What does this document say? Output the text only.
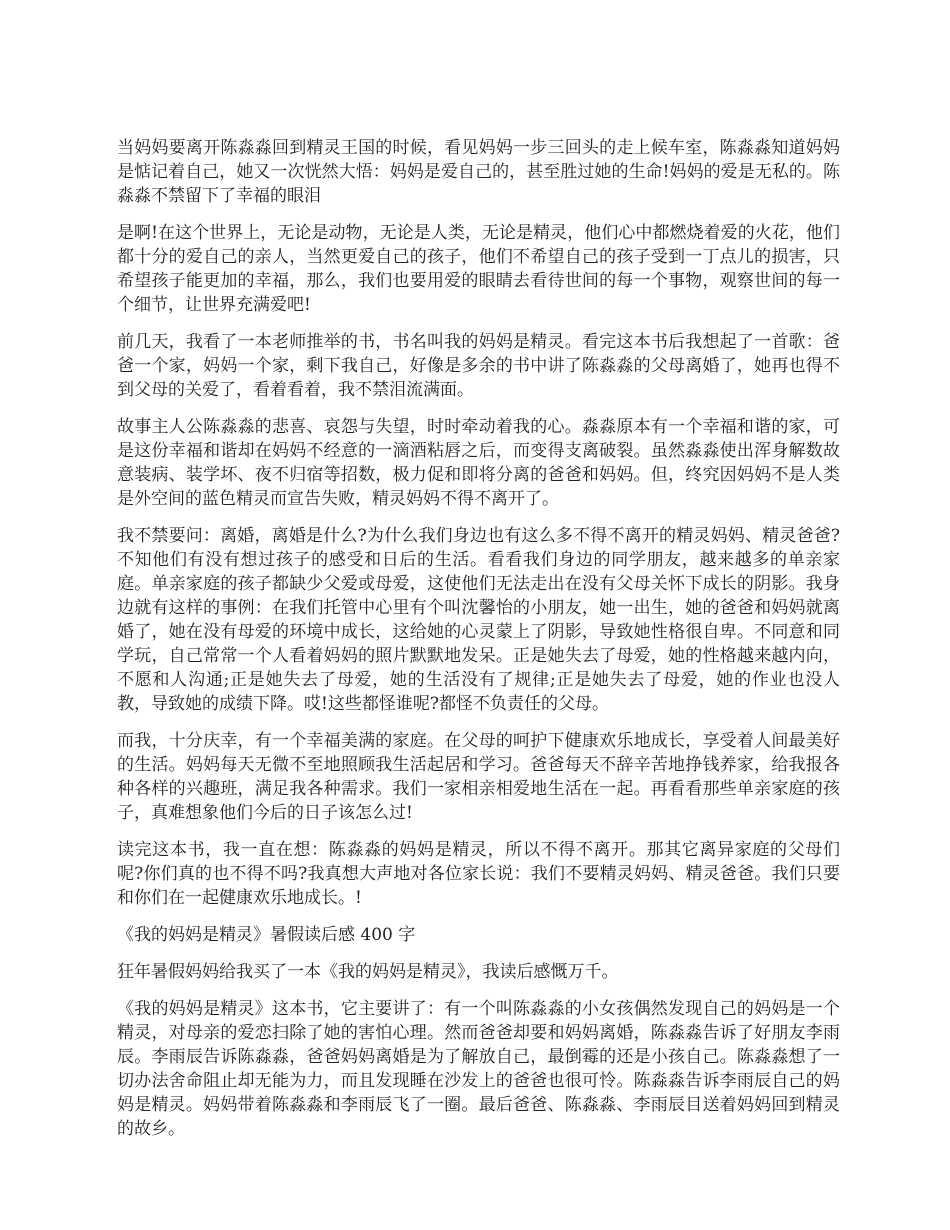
当妈妈要离开陈淼淼回到精灵王国的时候，看见妈妈一步三回头的走上候车室，陈淼淼知道妈妈是惦记着自己，她又一次恍然大悟：妈妈是爱自己的，甚至胜过她的生命!妈妈的爱是无私的。陈淼淼不禁留下了幸福的眼泪

是啊!在这个世界上，无论是动物，无论是人类，无论是精灵，他们心中都燃烧着爱的火花，他们都十分的爱自己的亲人，当然更爱自己的孩子，他们不希望自己的孩子受到一丁点儿的损害，只希望孩子能更加的幸福，那么，我们也要用爱的眼睛去看待世间的每一个事物，观察世间的每一个细节，让世界充满爱吧!

前几天，我看了一本老师推举的书，书名叫我的妈妈是精灵。看完这本书后我想起了一首歌：爸爸一个家，妈妈一个家，剩下我自己，好像是多余的书中讲了陈淼淼的父母离婚了，她再也得不到父母的关爱了，看着看着，我不禁泪流满面。

故事主人公陈淼淼的悲喜、哀怨与失望，时时牵动着我的心。淼淼原本有一个幸福和谐的家，可是这份幸福和谐却在妈妈不经意的一滴酒粘唇之后，而变得支离破裂。虽然淼淼使出浑身解数故意装病、装学坏、夜不归宿等招数，极力促和即将分离的爸爸和妈妈。但，终究因妈妈不是人类是外空间的蓝色精灵而宣告失败，精灵妈妈不得不离开了。

我不禁要问：离婚，离婚是什么?为什么我们身边也有这么多不得不离开的精灵妈妈、精灵爸爸?不知他们有没有想过孩子的感受和日后的生活。看看我们身边的同学朋友，越来越多的单亲家庭。单亲家庭的孩子都缺少父爱或母爱，这使他们无法走出在没有父母关怀下成长的阴影。我身边就有这样的事例：在我们托管中心里有个叫沈馨怡的小朋友，她一出生，她的爸爸和妈妈就离婚了，她在没有母爱的环境中成长，这给她的心灵蒙上了阴影，导致她性格很自卑。不同意和同学玩，自己常常一个人看着妈妈的照片默默地发呆。正是她失去了母爱，她的性格越来越内向，不愿和人沟通;正是她失去了母爱，她的生活没有了规律;正是她失去了母爱，她的作业也没人教，导致她的成绩下降。哎!这些都怪谁呢?都怪不负责任的父母。

而我，十分庆幸，有一个幸福美满的家庭。在父母的呵护下健康欢乐地成长，享受着人间最美好的生活。妈妈每天无微不至地照顾我生活起居和学习。爸爸每天不辞辛苦地挣钱养家，给我报各种各样的兴趣班，满足我各种需求。我们一家相亲相爱地生活在一起。再看看那些单亲家庭的孩子，真难想象他们今后的日子该怎么过!

读完这本书，我一直在想：陈淼淼的妈妈是精灵，所以不得不离开。那其它离异家庭的父母们呢?你们真的也不得不吗?我真想大声地对各位家长说：我们不要精灵妈妈、精灵爸爸。我们只要和你们在一起健康欢乐地成长。!

《我的妈妈是精灵》暑假读后感 400 字

狂年暑假妈妈给我买了一本《我的妈妈是精灵》，我读后感慨万千。

《我的妈妈是精灵》这本书，它主要讲了：有一个叫陈淼淼的小女孩偶然发现自己的妈妈是一个精灵，对母亲的爱恋扫除了她的害怕心理。然而爸爸却要和妈妈离婚，陈淼淼告诉了好朋友李雨辰。李雨辰告诉陈淼淼，爸爸妈妈离婚是为了解放自己，最倒霉的还是小孩自己。陈淼淼想了一切办法舍命阻止却无能为力，而且发现睡在沙发上的爸爸也很可怜。陈淼淼告诉李雨辰自己的妈妈是精灵。妈妈带着陈淼淼和李雨辰飞了一圈。最后爸爸、陈淼淼、李雨辰目送着妈妈回到精灵的故乡。
